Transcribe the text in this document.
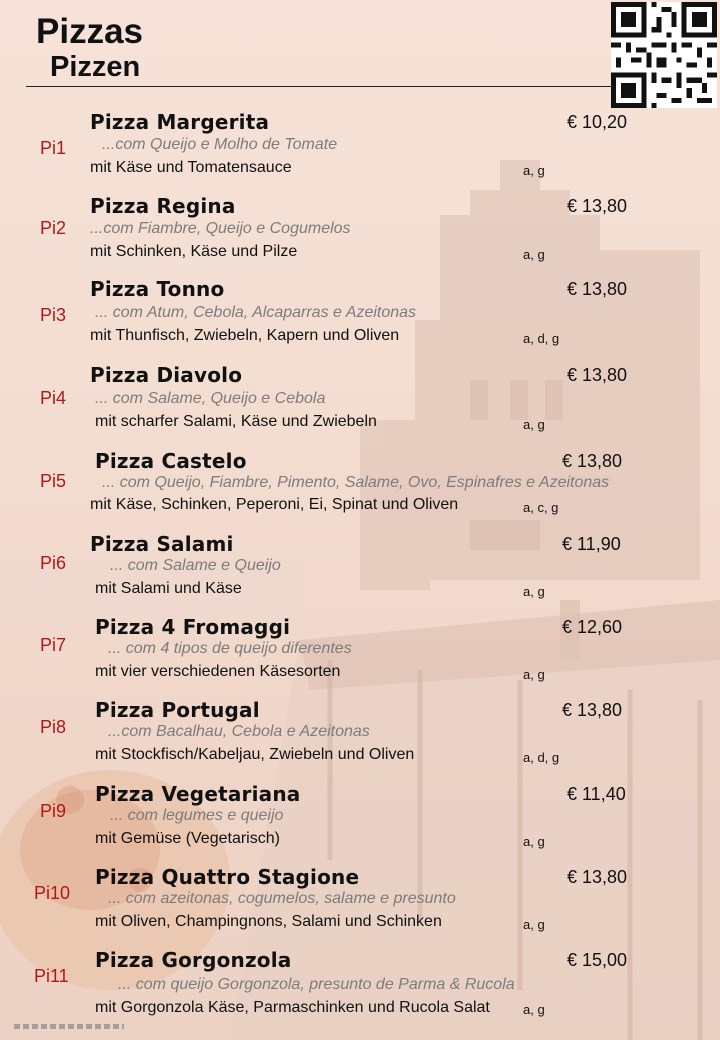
Pizzas
Pizzen
Pi1
Pizza Margerita	€ 10,20
...com Queijo e Molho de Tomate
mit Käse und Tomatensauce	a, g
Pi2
Pizza Regina	€ 13,80
...com Fiambre, Queijo e Cogumelos
mit Schinken, Käse und Pilze	a, g
Pi3
Pizza Tonno	€ 13,80
... com Atum, Cebola, Alcaparras e Azeitonas
mit Thunfisch, Zwiebeln, Kapern und Oliven	a, d, g
Pi4
Pizza Diavolo	€ 13,80
... com Salame, Queijo e Cebola
mit scharfer Salami, Käse und Zwiebeln	a, g
Pi5
Pizza Castelo	€ 13,80
... com Queijo, Fiambre, Pimento, Salame, Ovo, Espinafres e Azeitonas
mit Käse, Schinken, Peperoni, Ei, Spinat und Oliven	a, c, g
Pi6
Pizza Salami	€ 11,90
... com Salame e Queijo
mit Salami und Käse	a, g
Pi7
Pizza 4 Fromaggi	€ 12,60
... com 4 tipos de queijo diferentes
mit vier verschiedenen Käsesorten	a, g
Pi8
Pizza Portugal	€ 13,80
...com Bacalhau, Cebola e Azeitonas
mit Stockfisch/Kabeljau, Zwiebeln und Oliven	a, d, g
Pi9
Pizza Vegetariana	€ 11,40
... com legumes e queijo
mit Gemüse (Vegetarisch)	a, g
Pi10
Pizza Quattro Stagione	€ 13,80
... com azeitonas, cogumelos, salame e presunto
mit Oliven, Champingnons, Salami und Schinken	a, g
Pi11
Pizza Gorgonzola	€ 15,00
... com queijo Gorgonzola, presunto de Parma & Rucola
mit Gorgonzola Käse, Parmaschinken und Rucola Salat	a, g
